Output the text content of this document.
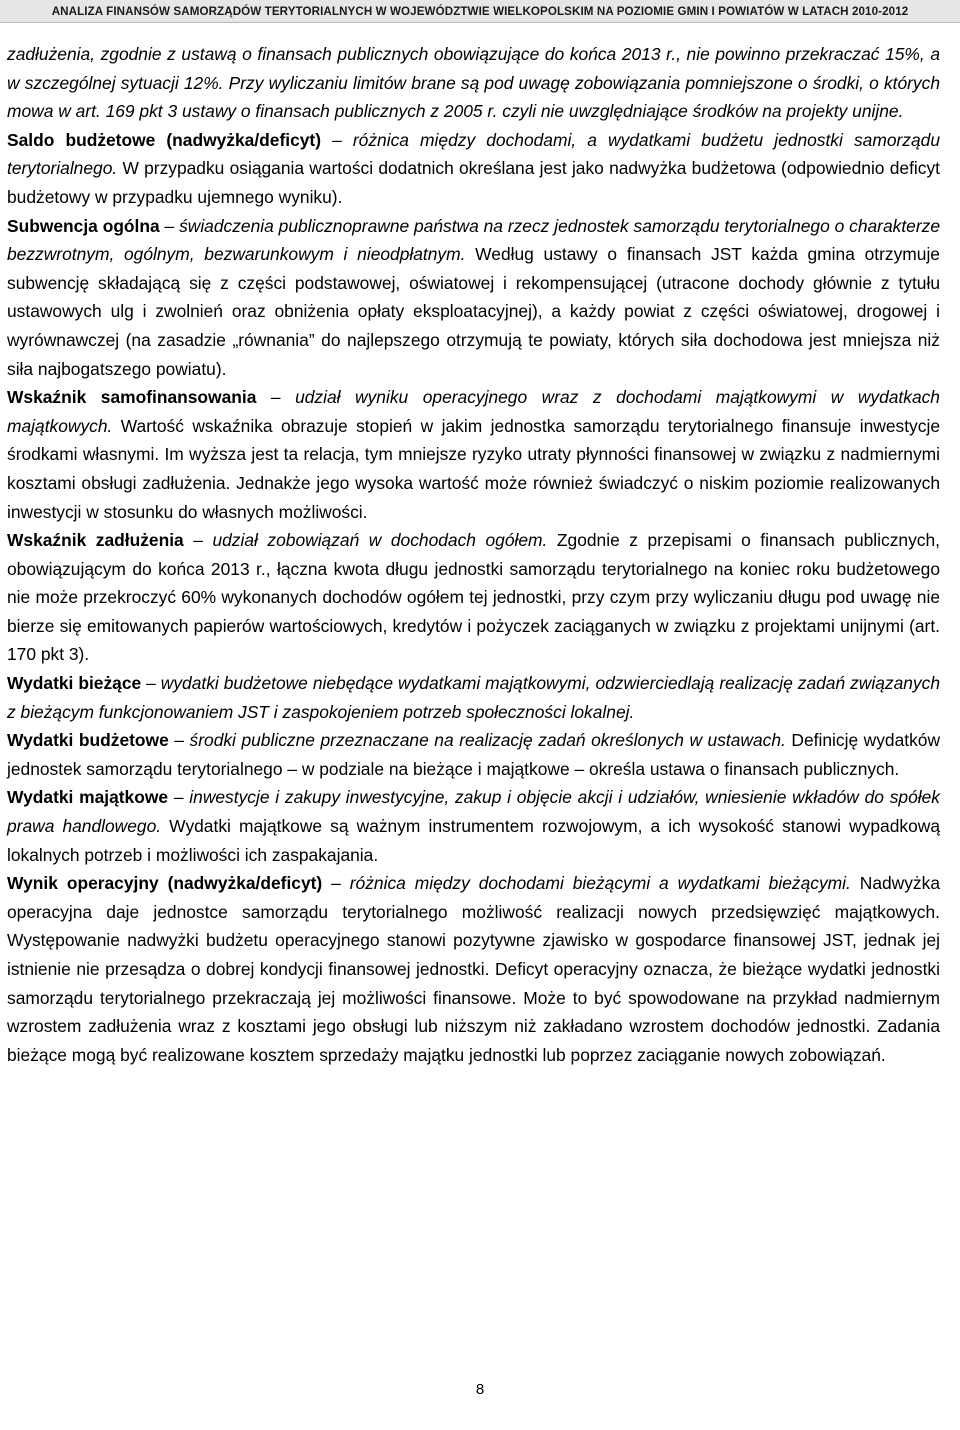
ANALIZA FINANSÓW SAMORZĄDÓW TERYTORIALNYCH W WOJEWÓDZTWIE WIELKOPOLSKIM NA POZIOMIE GMIN I POWIATÓW W LATACH 2010-2012

zadłużenia, zgodnie z ustawą o finansach publicznych obowiązujące do końca 2013 r., nie powinno przekraczać 15%, a w szczególnej sytuacji 12%. Przy wyliczaniu limitów brane są pod uwagę zobowiązania pomniejszone o środki, o których mowa w art. 169 pkt 3 ustawy o finansach publicznych z 2005 r. czyli nie uwzględniające środków na projekty unijne.

Saldo budżetowe (nadwyżka/deficyt) – różnica między dochodami, a wydatkami budżetu jednostki samorządu terytorialnego. W przypadku osiągania wartości dodatnich określana jest jako nadwyżka budżetowa (odpowiednio deficyt budżetowy w przypadku ujemnego wyniku).

Subwencja ogólna – świadczenia publicznoprawne państwa na rzecz jednostek samorządu terytorialnego o charakterze bezzwrotnym, ogólnym, bezwarunkowym i nieodpłatnym. Według ustawy o finansach JST każda gmina otrzymuje subwencję składającą się z części podstawowej, oświatowej i rekompensującej (utracone dochody głównie z tytułu ustawowych ulg i zwolnień oraz obniżenia opłaty eksploatacyjnej), a każdy powiat z części oświatowej, drogowej i wyrównawczej (na zasadzie „równania” do najlepszego otrzymują te powiaty, których siła dochodowa jest mniejsza niż siła najbogatszego powiatu).

Wskaźnik samofinansowania – udział wyniku operacyjnego wraz z dochodami majątkowymi w wydatkach majątkowych. Wartość wskaźnika obrazuje stopień w jakim jednostka samorządu terytorialnego finansuje inwestycje środkami własnymi. Im wyższa jest ta relacja, tym mniejsze ryzyko utraty płynności finansowej w związku z nadmiernymi kosztami obsługi zadłużenia. Jednakże jego wysoka wartość może również świadczyć o niskim poziomie realizowanych inwestycji w stosunku do własnych możliwości.

Wskaźnik zadłużenia – udział zobowiązań w dochodach ogółem. Zgodnie z przepisami o finansach publicznych, obowiązującym do końca 2013 r., łączna kwota długu jednostki samorządu terytorialnego na koniec roku budżetowego nie może przekroczyć 60% wykonanych dochodów ogółem tej jednostki, przy czym przy wyliczaniu długu pod uwagę nie bierze się emitowanych papierów wartościowych, kredytów i pożyczek zaciąganych w związku z projektami unijnymi (art. 170 pkt 3).

Wydatki bieżące – wydatki budżetowe niebędące wydatkami majątkowymi, odzwierciedlają realizację zadań związanych z bieżącym funkcjonowaniem JST i zaspokojeniem potrzeb społeczności lokalnej.

Wydatki budżetowe – środki publiczne przeznaczane na realizację zadań określonych w ustawach. Definicję wydatków jednostek samorządu terytorialnego – w podziale na bieżące i majątkowe – określa ustawa o finansach publicznych.

Wydatki majątkowe – inwestycje i zakupy inwestycyjne, zakup i objęcie akcji i udziałów, wniesienie wkładów do spółek prawa handlowego. Wydatki majątkowe są ważnym instrumentem rozwojowym, a ich wysokość stanowi wypadkową lokalnych potrzeb i możliwości ich zaspakajania.

Wynik operacyjny (nadwyżka/deficyt) – różnica między dochodami bieżącymi a wydatkami bieżącymi. Nadwyżka operacyjna daje jednostce samorządu terytorialnego możliwość realizacji nowych przedsięwzięć majątkowych. Występowanie nadwyżki budżetu operacyjnego stanowi pozytywne zjawisko w gospodarce finansowej JST, jednak jej istnienie nie przesądza o dobrej kondycji finansowej jednostki. Deficyt operacyjny oznacza, że bieżące wydatki jednostki samorządu terytorialnego przekraczają jej możliwości finansowe. Może to być spowodowane na przykład nadmiernym wzrostem zadłużenia wraz z kosztami jego obsługi lub niższym niż zakładano wzrostem dochodów jednostki. Zadania bieżące mogą być realizowane kosztem sprzedaży majątku jednostki lub poprzez zaciąganie nowych zobowiązań.

8
